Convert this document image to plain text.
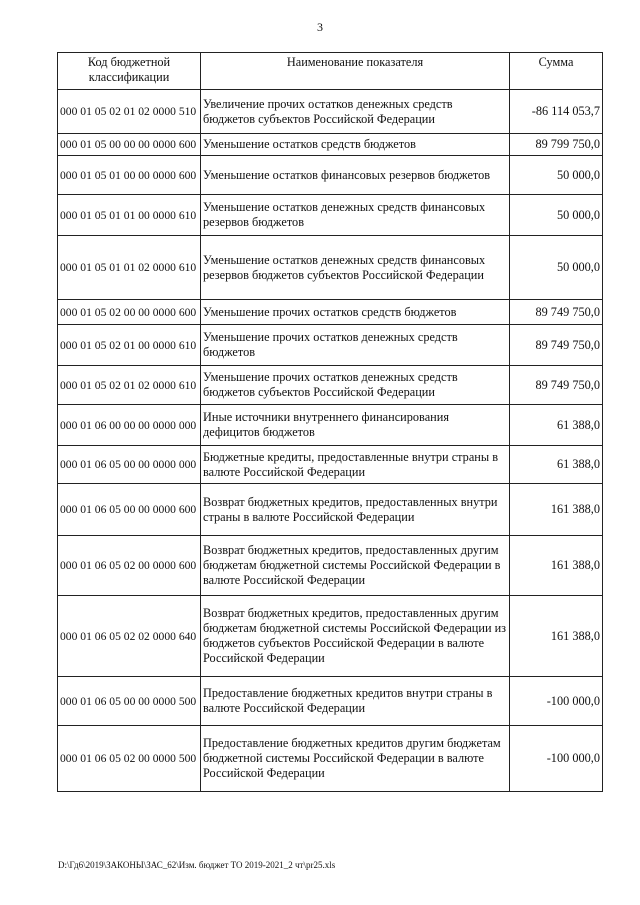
3
Код бюджетной классификации	Наименование показателя	Сумма
000 01 05 02 01 02 0000 510	Увеличение прочих остатков денежных средств бюджетов субъектов Российской Федерации	-86 114 053,7
000 01 05 00 00 00 0000 600	Уменьшение остатков средств бюджетов	89 799 750,0
000 01 05 01 00 00 0000 600	Уменьшение остатков финансовых резервов бюджетов	50 000,0
000 01 05 01 01 00 0000 610	Уменьшение остатков денежных средств финансовых резервов бюджетов	50 000,0
000 01 05 01 01 02 0000 610	Уменьшение остатков денежных средств финансовых резервов бюджетов субъектов Российской Федерации	50 000,0
000 01 05 02 00 00 0000 600	Уменьшение прочих остатков средств бюджетов	89 749 750,0
000 01 05 02 01 00 0000 610	Уменьшение прочих остатков денежных средств бюджетов	89 749 750,0
000 01 05 02 01 02 0000 610	Уменьшение прочих остатков денежных средств бюджетов субъектов Российской Федерации	89 749 750,0
000 01 06 00 00 00 0000 000	Иные источники внутреннего финансирования дефицитов бюджетов	61 388,0
000 01 06 05 00 00 0000 000	Бюджетные кредиты, предоставленные внутри страны в валюте Российской Федерации	61 388,0
000 01 06 05 00 00 0000 600	Возврат бюджетных кредитов, предоставленных внутри страны в валюте Российской Федерации	161 388,0
000 01 06 05 02 00 0000 600	Возврат бюджетных кредитов, предоставленных другим бюджетам бюджетной системы Российской Федерации в валюте Российской Федерации	161 388,0
000 01 06 05 02 02 0000 640	Возврат бюджетных кредитов, предоставленных другим бюджетам бюджетной системы Российской Федерации из бюджетов субъектов Российской Федерации в валюте Российской Федерации	161 388,0
000 01 06 05 00 00 0000 500	Предоставление бюджетных кредитов внутри страны в валюте Российской Федерации	-100 000,0
000 01 06 05 02 00 0000 500	Предоставление бюджетных кредитов другим бюджетам бюджетной системы Российской Федерации в валюте Российской Федерации	-100 000,0
D:\Гд6\2019\ЗАКОНЫ\ЗАС_62\Изм. бюджет ТО 2019-2021_2 чт\pr25.xls
